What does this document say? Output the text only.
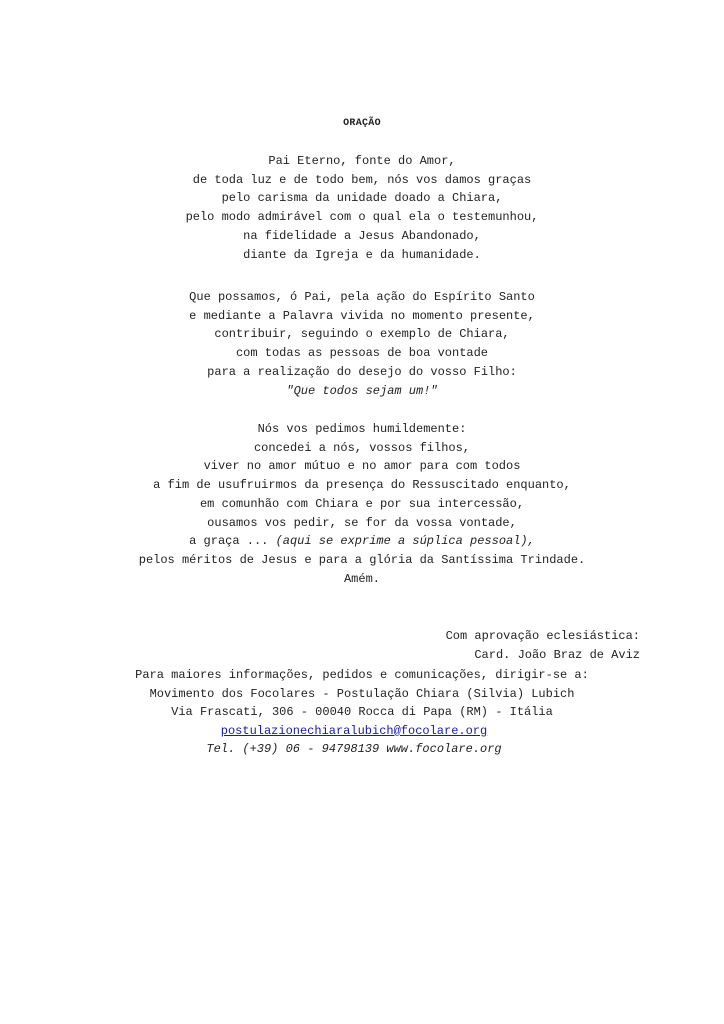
ORAÇÃO
Pai Eterno, fonte do Amor,
de toda luz e de todo bem, nós vos damos graças
pelo carisma da unidade doado a Chiara,
pelo modo admirável com o qual ela o testemunhou,
na fidelidade a Jesus Abandonado,
diante da Igreja e da humanidade.
Que possamos, ó Pai, pela ação do Espírito Santo
e mediante a Palavra vivida no momento presente,
contribuir, seguindo o exemplo de Chiara,
com todas as pessoas de boa vontade
para a realização do desejo do vosso Filho:
"Que todos sejam um!"
Nós vos pedimos humildemente:
concedei a nós, vossos filhos,
viver no amor mútuo e no amor para com todos
a fim de usufruirmos da presença do Ressuscitado enquanto,
em comunhão com Chiara e por sua intercessão,
ousamos vos pedir, se for da vossa vontade,
a graça ... (aqui se exprime a súplica pessoal),
pelos méritos de Jesus e para a glória da Santíssima Trindade.
Amém.
Com aprovação eclesiástica:
Card. João Braz de Aviz
Para maiores informações, pedidos e comunicações, dirigir-se a:
Movimento dos Focolares - Postulação Chiara (Silvia) Lubich
Via Frascati, 306 - 00040 Rocca di Papa (RM) - Itália
postulazionechiaralubich@focolare.org
Tel. (+39) 06 - 94798139 www.focolare.org
